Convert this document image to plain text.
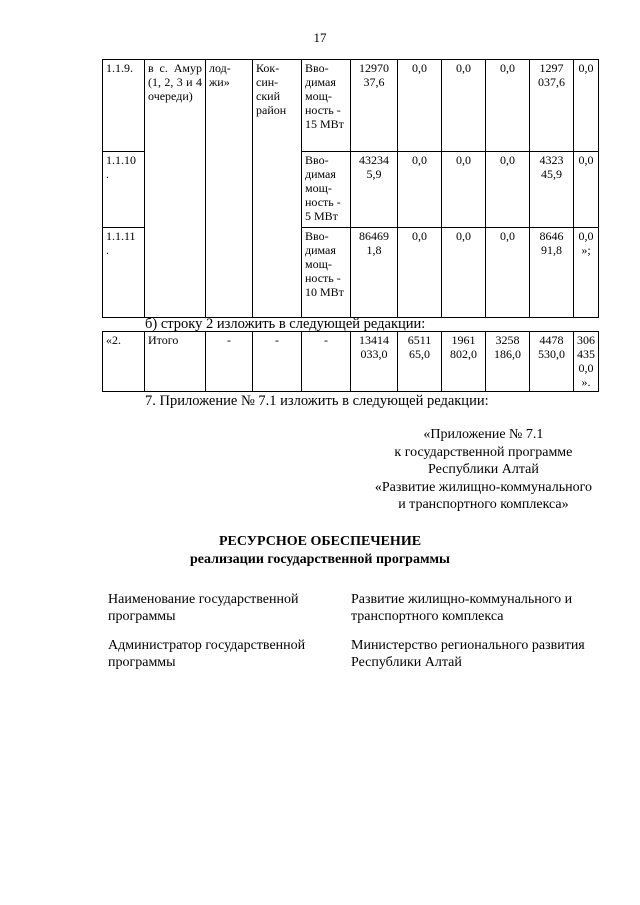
17
1.1.9.	в с. Амур (1, 2, 3 и 4 очереди)	лод-жи»	Кок-син-ский район	Вво-димая мощ-ность - 15 МВт	12970 37,6	0,0	0,0	0,0	1297 037,6	0,0
1.1.10 .				Вво-димая мощ-ность - 5 МВт	43234 5,9	0,0	0,0	0,0	4323 45,9	0,0
1.1.11 .				Вво-димая мощ-ность - 10 МВт	86469 1,8	0,0	0,0	0,0	8646 91,8	0,0 »;
б) строку 2 изложить в следующей редакции:
«2.	Итого	-	-	-	13414 033,0	6511 65,0	1961 802,0	3258 186,0	4478 530,0	306 435 0,0 ».
7. Приложение № 7.1 изложить в следующей редакции:
«Приложение № 7.1
к государственной программе
Республики Алтай
«Развитие жилищно-коммунального
и транспортного комплекса»
РЕСУРСНОЕ ОБЕСПЕЧЕНИЕ
реализации государственной программы
Наименование государственной программы
Развитие жилищно-коммунального и транспортного комплекса
Администратор государственной программы
Министерство регионального развития Республики Алтай
